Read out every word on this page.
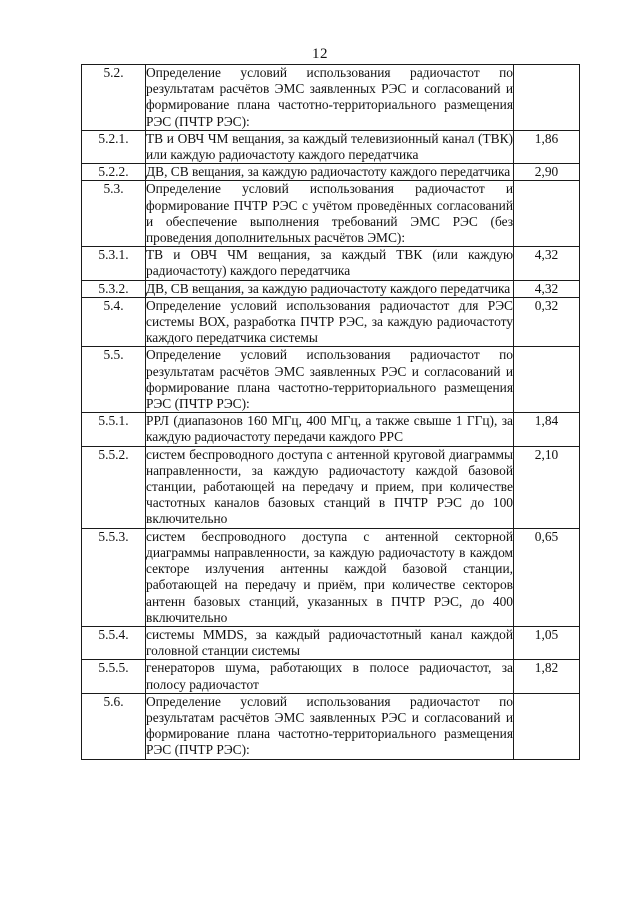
12
5.2.	Определение условий использования радиочастот по результатам расчётов ЭМС заявленных РЭС и согласований и формирование плана частотно-территориального размещения РЭС (ПЧТР РЭС):	
5.2.1.	ТВ и ОВЧ ЧМ вещания, за каждый телевизионный канал (ТВК) или каждую радиочастоту каждого передатчика	1,86
5.2.2.	ДВ, СВ вещания, за каждую радиочастоту каждого передатчика	2,90
5.3.	Определение условий использования радиочастот и формирование ПЧТР РЭС с учётом проведённых согласований и обеспечение выполнения требований ЭМС РЭС (без проведения дополнительных расчётов ЭМС):	
5.3.1.	ТВ и ОВЧ ЧМ вещания, за каждый ТВК (или каждую радиочастоту) каждого передатчика	4,32
5.3.2.	ДВ, СВ вещания, за каждую радиочастоту каждого передатчика	4,32
5.4.	Определение условий использования радиочастот для РЭС системы ВОХ, разработка ПЧТР РЭС, за каждую радиочастоту каждого передатчика системы	0,32
5.5.	Определение условий использования радиочастот по результатам расчётов ЭМС заявленных РЭС и согласований и формирование плана частотно-территориального размещения РЭС (ПЧТР РЭС):	
5.5.1.	РРЛ (диапазонов 160 МГц, 400 МГц, а также свыше 1 ГГц), за каждую радиочастоту передачи каждого РРС	1,84
5.5.2.	систем беспроводного доступа с антенной круговой диаграммы направленности, за каждую радиочастоту каждой базовой станции, работающей на передачу и прием, при количестве частотных каналов базовых станций в ПЧТР РЭС до 100 включительно	2,10
5.5.3.	систем беспроводного доступа с антенной секторной диаграммы направленности, за каждую радиочастоту в каждом секторе излучения антенны каждой базовой станции, работающей на передачу и приём, при количестве секторов антенн базовых станций, указанных в ПЧТР РЭС, до 400 включительно	0,65
5.5.4.	системы MMDS, за каждый радиочастотный канал каждой головной станции системы	1,05
5.5.5.	генераторов шума, работающих в полосе радиочастот, за полосу радиочастот	1,82
5.6.	Определение условий использования радиочастот по результатам расчётов ЭМС заявленных РЭС и согласований и формирование плана частотно-территориального размещения РЭС (ПЧТР РЭС):	
